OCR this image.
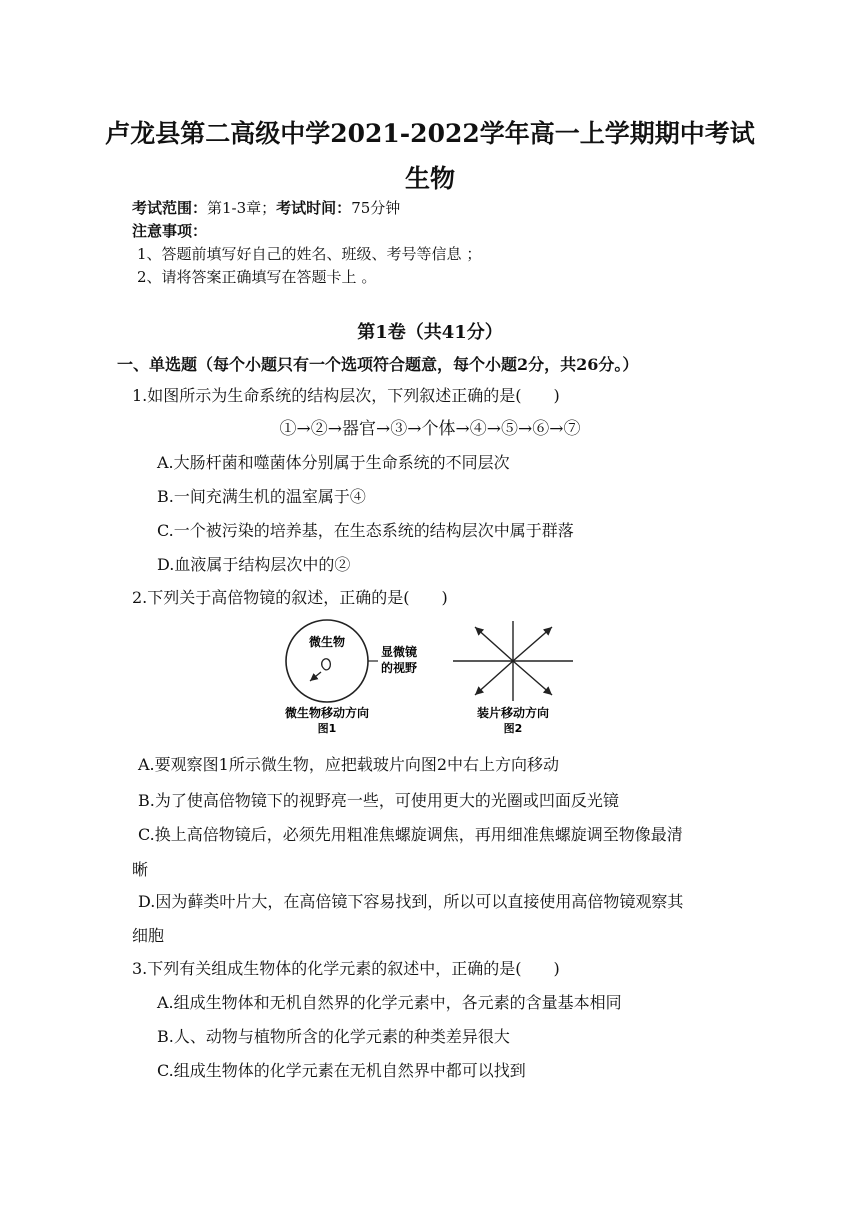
卢龙县第二高级中学2021-2022学年高一上学期期中考试
生物
考试范围：第1-3章；考试时间：75分钟
注意事项：
1、答题前填写好自己的姓名、班级、考号等信息 ；
2、请将答案正确填写在答题卡上 。
第1卷（共41分）
一、单选题（每个小题只有一个选项符合题意，每个小题2分，共26分。）
1.如图所示为生命系统的结构层次，下列叙述正确的是(　　)
①→②→器官→③→个体→④→⑤→⑥→⑦
A.大肠杆菌和噬菌体分别属于生命系统的不同层次
B.一间充满生机的温室属于④
C.一个被污染的培养基，在生态系统的结构层次中属于群落
D.血液属于结构层次中的②
2.下列关于高倍物镜的叙述，正确的是(　　)
微生物
显微镜
的视野
微生物移动方向
图1
装片移动方向
图2
A.要观察图1所示微生物，应把载玻片向图2中右上方向移动
B.为了使高倍物镜下的视野亮一些，可使用更大的光圈或凹面反光镜
C.换上高倍物镜后，必须先用粗准焦螺旋调焦，再用细准焦螺旋调至物像最清
晰
D.因为藓类叶片大，在高倍镜下容易找到，所以可以直接使用高倍物镜观察其
细胞
3.下列有关组成生物体的化学元素的叙述中，正确的是(　　)
A.组成生物体和无机自然界的化学元素中，各元素的含量基本相同
B.人、动物与植物所含的化学元素的种类差异很大
C.组成生物体的化学元素在无机自然界中都可以找到
